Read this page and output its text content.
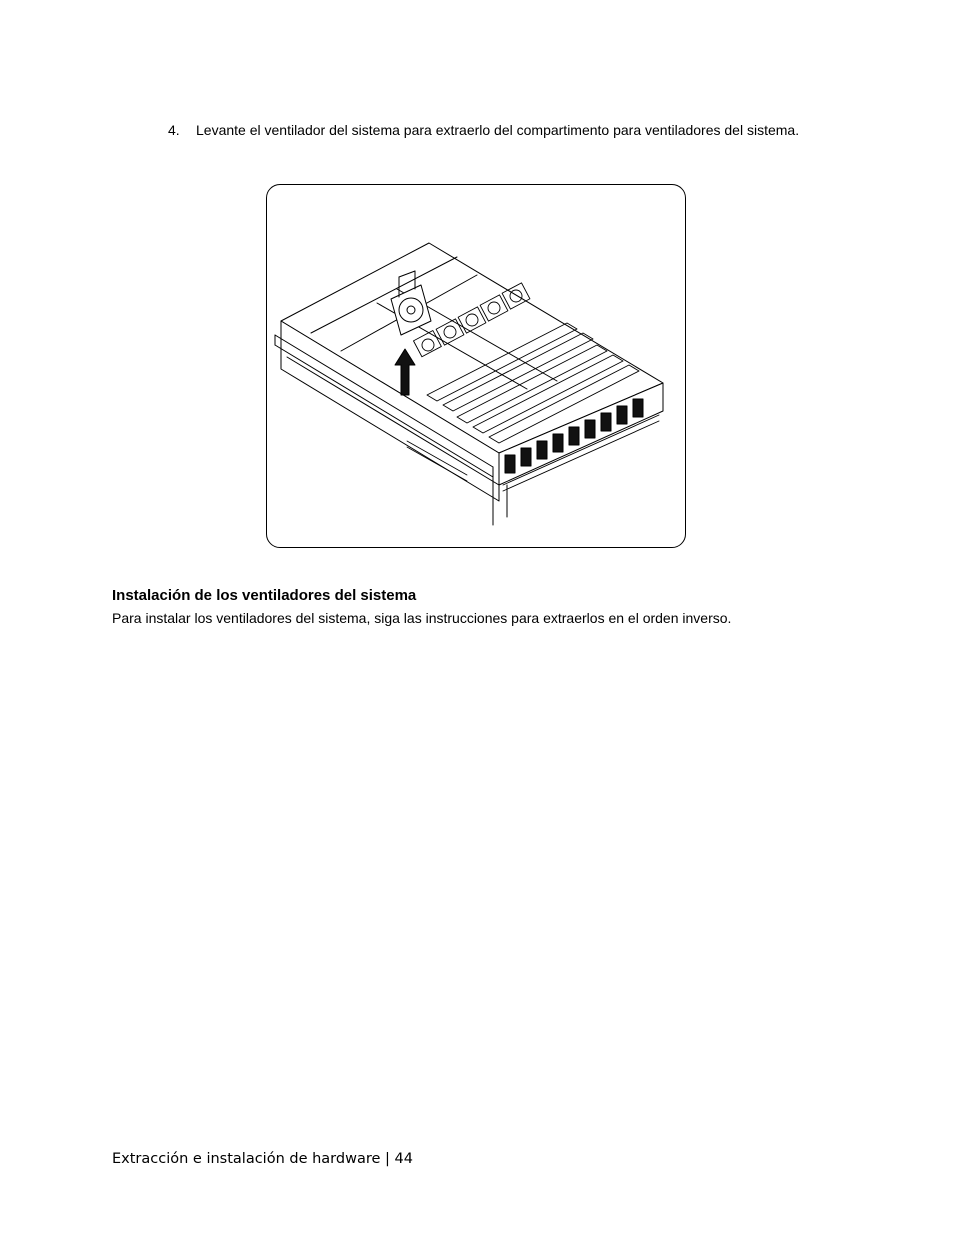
4. Levante el ventilador del sistema para extraerlo del compartimento para ventiladores del sistema.
Instalación de los ventiladores del sistema
Para instalar los ventiladores del sistema, siga las instrucciones para extraerlos en el orden inverso.
Extracción e instalación de hardware | 44
